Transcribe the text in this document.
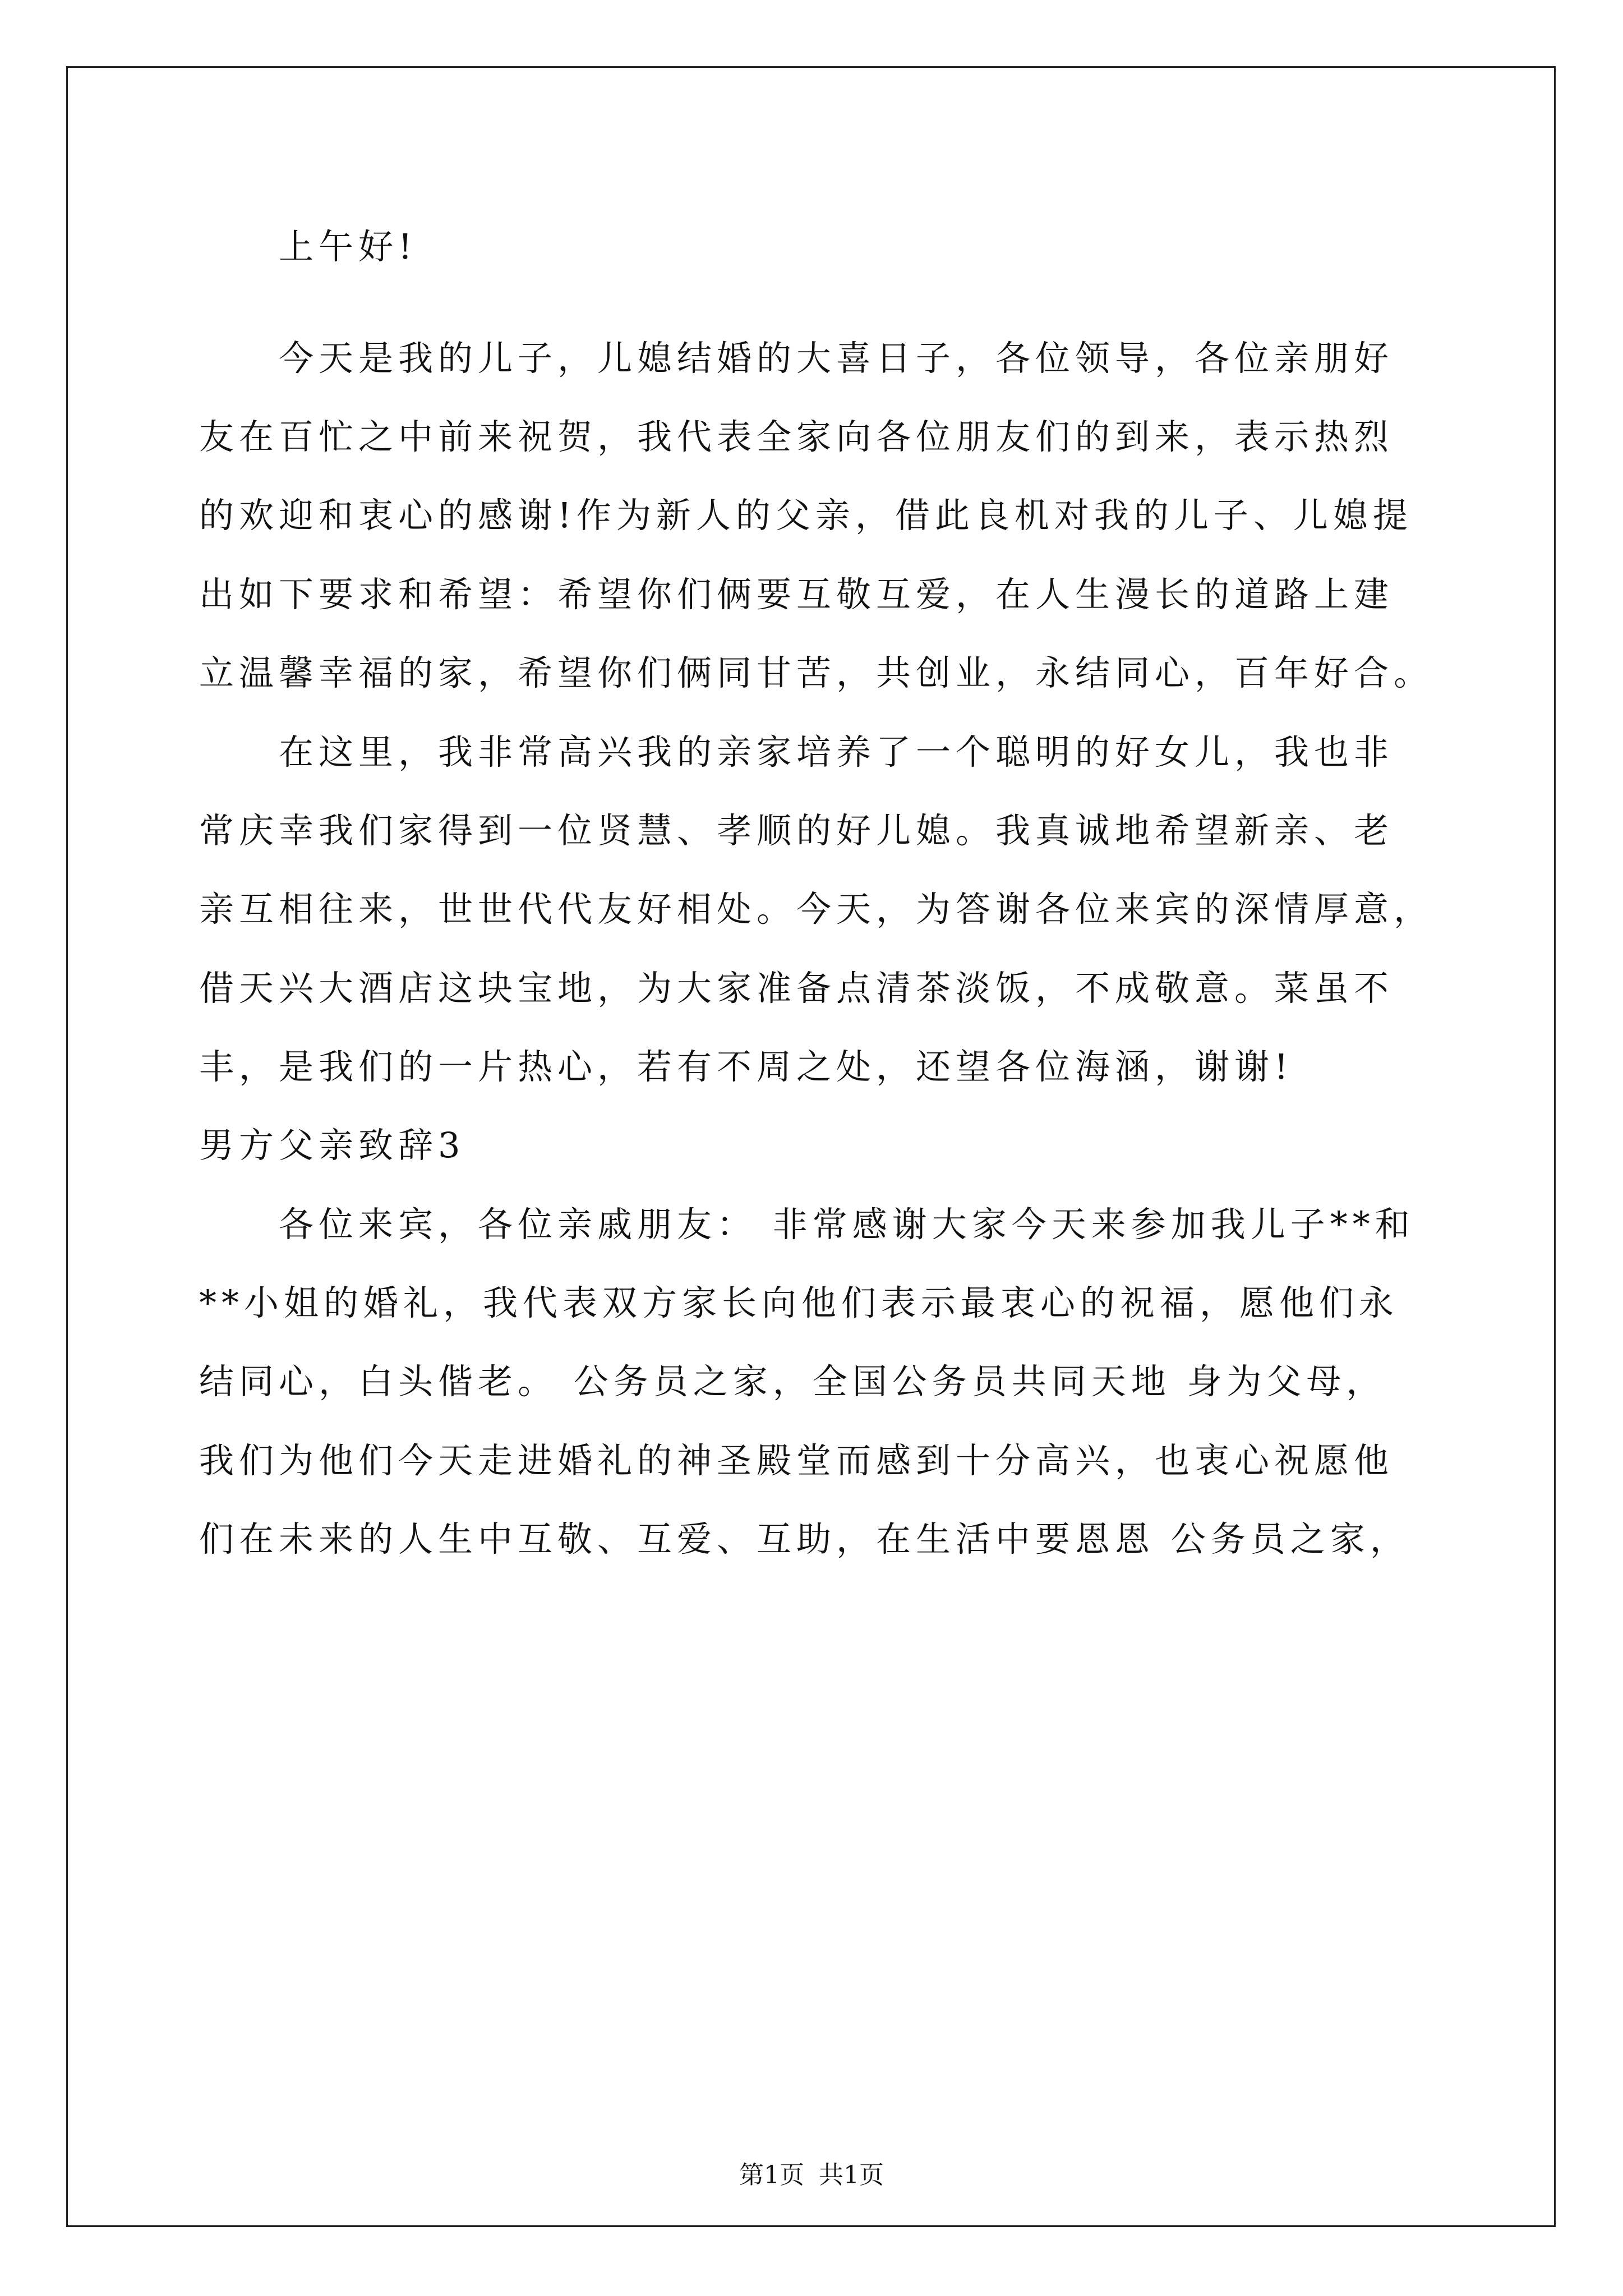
上午好!
今天是我的儿子，儿媳结婚的大喜日子，各位领导，各位亲朋好
友在百忙之中前来祝贺，我代表全家向各位朋友们的到来，表示热烈
的欢迎和衷心的感谢!作为新人的父亲，借此良机对我的儿子、儿媳提
出如下要求和希望：希望你们俩要互敬互爱，在人生漫长的道路上建
立温馨幸福的家，希望你们俩同甘苦，共创业，永结同心，百年好合。
在这里，我非常高兴我的亲家培养了一个聪明的好女儿，我也非
常庆幸我们家得到一位贤慧、孝顺的好儿媳。我真诚地希望新亲、老
亲互相往来，世世代代友好相处。今天，为答谢各位来宾的深情厚意，
借天兴大酒店这块宝地，为大家准备点清茶淡饭，不成敬意。菜虽不
丰，是我们的一片热心，若有不周之处，还望各位海涵，谢谢!
男方父亲致辞3
各位来宾，各位亲戚朋友： 非常感谢大家今天来参加我儿子**和
**小姐的婚礼，我代表双方家长向他们表示最衷心的祝福，愿他们永
结同心，白头偕老。 公务员之家，全国公务员共同天地 身为父母，
我们为他们今天走进婚礼的神圣殿堂而感到十分高兴，也衷心祝愿他
们在未来的人生中互敬、互爱、互助，在生活中要恩恩 公务员之家，
第1页 共1页
